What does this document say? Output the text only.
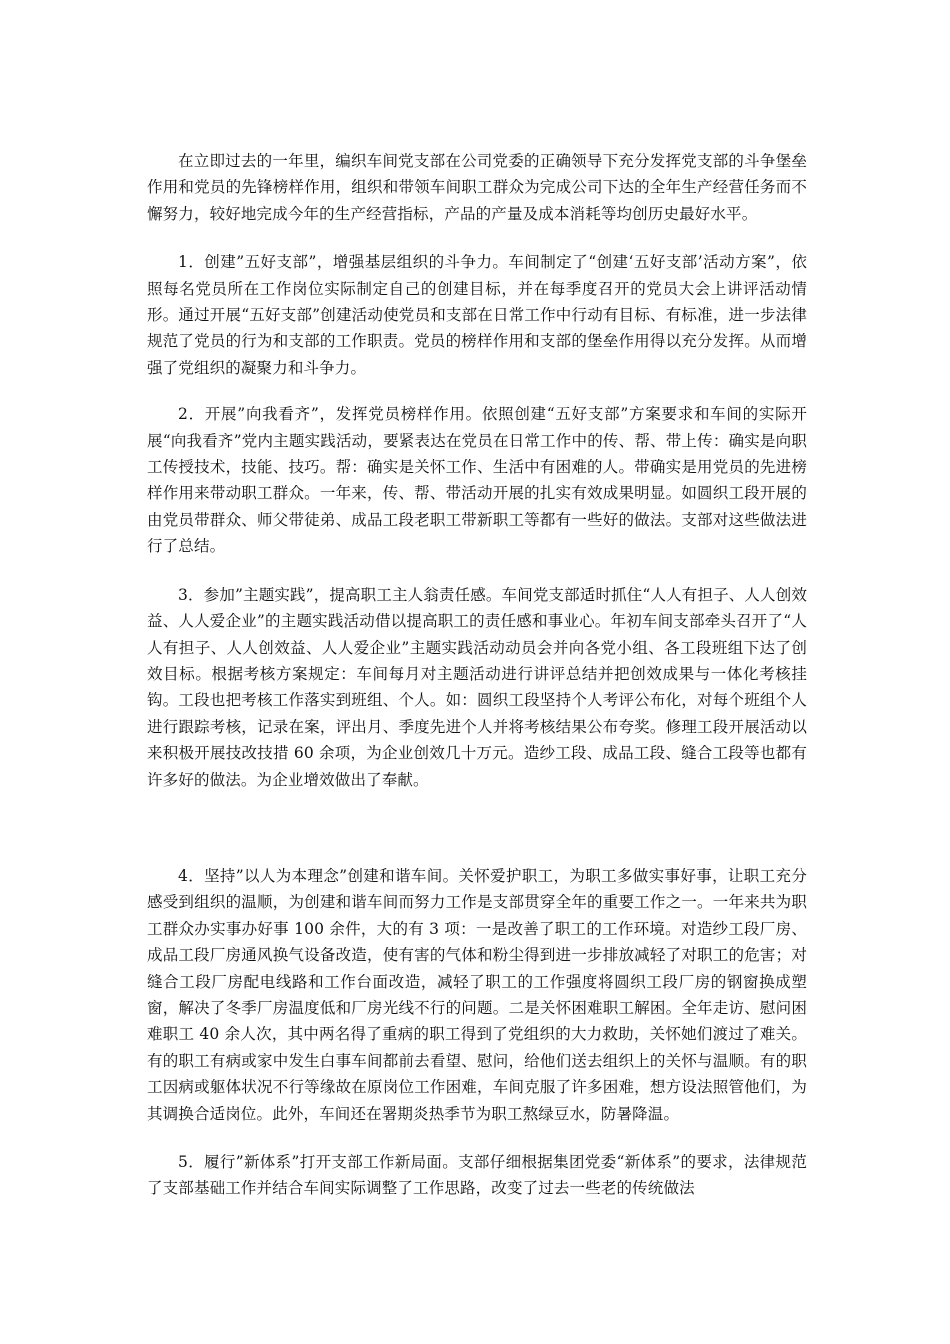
在立即过去的一年里，编织车间党支部在公司党委的正确领导下充分发挥党支部的斗争堡垒作用和党员的先锋榜样作用，组织和带领车间职工群众为完成公司下达的全年生产经营任务而不懈努力，较好地完成今年的生产经营指标，产品的产量及成本消耗等均创历史最好水平。

1．创建”五好支部”，增强基层组织的斗争力。车间制定了“创建‘五好支部’活动方案”，依照每名党员所在工作岗位实际制定自己的创建目标，并在每季度召开的党员大会上讲评活动情形。通过开展“五好支部”创建活动使党员和支部在日常工作中行动有目标、有标准，进一步法律规范了党员的行为和支部的工作职责。党员的榜样作用和支部的堡垒作用得以充分发挥。从而增强了党组织的凝聚力和斗争力。

2．开展”向我看齐”，发挥党员榜样作用。依照创建“五好支部”方案要求和车间的实际开展“向我看齐”党内主题实践活动，要紧表达在党员在日常工作中的传、帮、带上传：确实是向职工传授技术，技能、技巧。帮：确实是关怀工作、生活中有困难的人。带确实是用党员的先进榜样作用来带动职工群众。一年来，传、帮、带活动开展的扎实有效成果明显。如圆织工段开展的由党员带群众、师父带徒弟、成品工段老职工带新职工等都有一些好的做法。支部对这些做法进行了总结。

3．参加”主题实践”，提高职工主人翁责任感。车间党支部适时抓住“人人有担子、人人创效益、人人爱企业”的主题实践活动借以提高职工的责任感和事业心。年初车间支部牵头召开了“人人有担子、人人创效益、人人爱企业”主题实践活动动员会并向各党小组、各工段班组下达了创效目标。根据考核方案规定：车间每月对主题活动进行讲评总结并把创效成果与一体化考核挂钩。工段也把考核工作落实到班组、个人。如：圆织工段坚持个人考评公布化，对每个班组个人进行跟踪考核，记录在案，评出月、季度先进个人并将考核结果公布夸奖。修理工段开展活动以来积极开展技改技措 60 余项，为企业创效几十万元。造纱工段、成品工段、缝合工段等也都有许多好的做法。为企业增效做出了奉献。

4．坚持”以人为本理念”创建和谐车间。关怀爱护职工，为职工多做实事好事，让职工充分感受到组织的温顺，为创建和谐车间而努力工作是支部贯穿全年的重要工作之一。一年来共为职工群众办实事办好事 100 余件，大的有 3 项：一是改善了职工的工作环境。对造纱工段厂房、成品工段厂房通风换气设备改造，使有害的气体和粉尘得到进一步排放减轻了对职工的危害；对缝合工段厂房配电线路和工作台面改造，减轻了职工的工作强度将圆织工段厂房的钢窗换成塑窗，解决了冬季厂房温度低和厂房光线不行的问题。二是关怀困难职工解困。全年走访、慰问困难职工 40 余人次，其中两名得了重病的职工得到了党组织的大力救助，关怀她们渡过了难关。有的职工有病或家中发生白事车间都前去看望、慰问，给他们送去组织上的关怀与温顺。有的职工因病或躯体状况不行等缘故在原岗位工作困难，车间克服了许多困难，想方设法照管他们，为其调换合适岗位。此外，车间还在署期炎热季节为职工熬绿豆水，防暑降温。

5．履行”新体系”打开支部工作新局面。支部仔细根据集团党委“新体系”的要求，法律规范了支部基础工作并结合车间实际调整了工作思路，改变了过去一些老的传统做法
